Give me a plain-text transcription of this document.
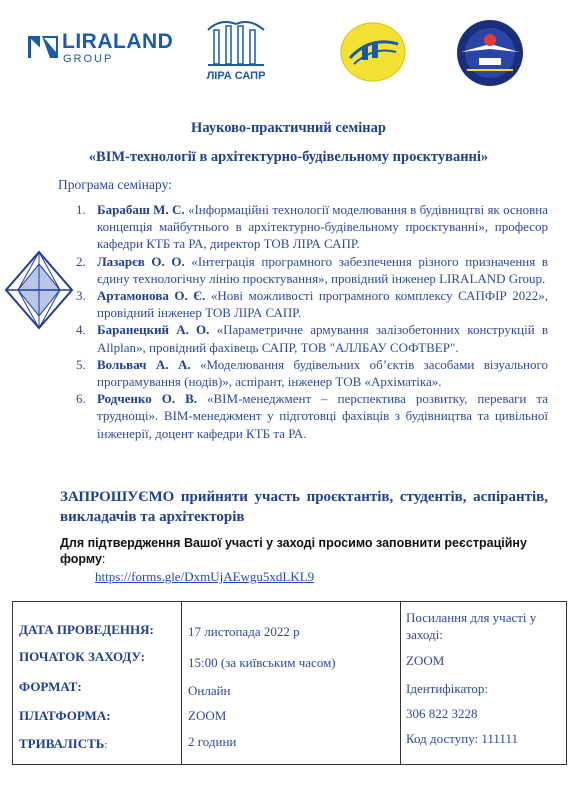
LIRALAND
GROUP
ЛІРА САПР
Науково-практичний семінар
«BIM-технології в архітектурно-будівельному проєктуванні»
Програма семінару:
1. Барабаш М. С. «Інформаційні технології моделювання в будівництві як основна концепція майбутнього в архітектурно-будівельному проєктуванні», професор кафедри КТБ та РА, директор ТОВ ЛІРА САПР.
2. Лазарєв О. О. «Інтеграція програмного забезпечення різного призначення в єдину технологічну лінію проєктування», провідний інженер LIRALAND Group.
3. Артамонова О. Є. «Нові можливості програмного комплексу САПФІР 2022», провідний інженер ТОВ ЛІРА САПР.
4. Баранецкий А. О. «Параметричне армування залізобетонних конструкцій в Allplan», провідний фахівець САПР, ТОВ "АЛЛБАУ СОФТВЕР".
5. Вольвач А. А. «Моделювання будівельних об’єктів засобами візуального програмування (нодів)», аспірант, інженер ТОВ «Архіматіка».
6. Родченко О. В. «BIM-менеджмент – перспектива розвитку, переваги та труднощі». BIM-менеджмент у підготовці фахівців з будівництва та цивільної інженерії, доцент кафедри КТБ та РА.
ЗАПРОШУЄМО прийняти участь проєктантів, студентів, аспірантів, викладачів та архітекторів
Для підтвердження Вашої участі у заході просимо заповнити реєстраційну форму:
https://forms.gle/DxmUjAEwgu5xdLKL9
ДАТА ПРОВЕДЕННЯ:	17 листопада 2022 р
ПОЧАТОК ЗАХОДУ:	15:00 (за київським часом)
ФОРМАТ:	Онлайн
ПЛАТФОРМА:	ZOOM
ТРИВАЛІСТЬ:	2 години
Посилання для участі у заході:
ZOOM
Ідентифікатор:
306 822 3228
Код доступу: 111111
